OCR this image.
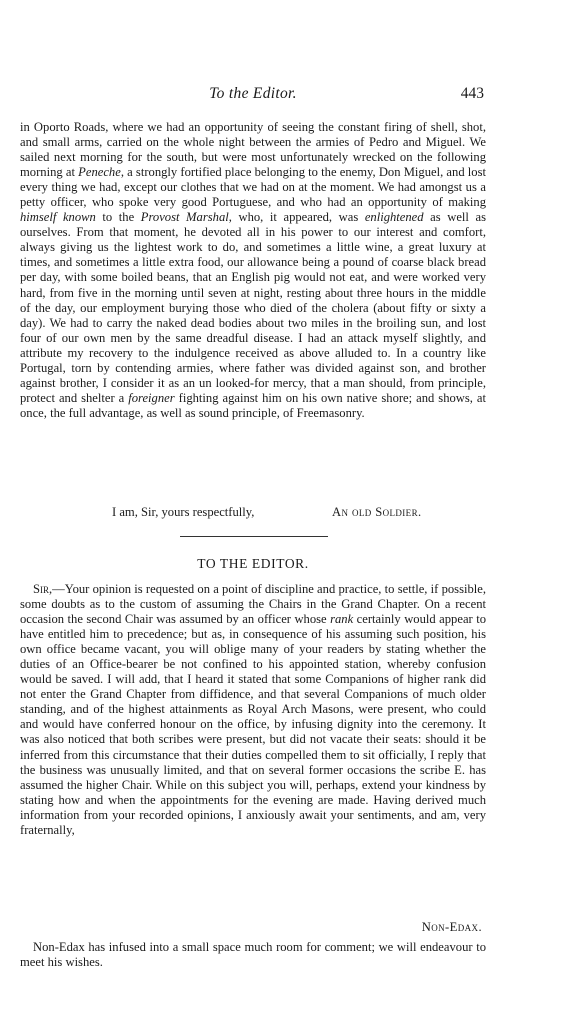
To the Editor.	443

in Oporto Roads, where we had an opportunity of seeing the constant firing of shell, shot, and small arms, carried on the whole night between the armies of Pedro and Miguel. We sailed next morning for the south, but were most unfortunately wrecked on the following morning at Peneche, a strongly fortified place belonging to the enemy, Don Miguel, and lost every thing we had, except our clothes that we had on at the moment. We had amongst us a petty officer, who spoke very good Portuguese, and who had an opportunity of making himself known to the Provost Marshal, who, it appeared, was enlightened as well as ourselves. From that moment, he devoted all in his power to our interest and comfort, always giving us the lightest work to do, and sometimes a little wine, a great luxury at times, and sometimes a little extra food, our allowance being a pound of coarse black bread per day, with some boiled beans, that an English pig would not eat, and were worked very hard, from five in the morning until seven at night, resting about three hours in the middle of the day, our employment burying those who died of the cholera (about fifty or sixty a day). We had to carry the naked dead bodies about two miles in the broiling sun, and lost four of our own men by the same dreadful disease. I had an attack myself slightly, and attribute my recovery to the indulgence received as above alluded to. In a country like Portugal, torn by contending armies, where father was divided against son, and brother against brother, I consider it as an un looked-for mercy, that a man should, from principle, protect and shelter a foreigner fighting against him on his own native shore; and shows, at once, the full advantage, as well as sound principle, of Freemasonry.

I am, Sir, yours respectfully,	An old Soldier.
TO THE EDITOR.

Sir,—Your opinion is requested on a point of discipline and practice, to settle, if possible, some doubts as to the custom of assuming the Chairs in the Grand Chapter. On a recent occasion the second Chair was assumed by an officer whose rank certainly would appear to have entitled him to precedence; but as, in consequence of his assuming such position, his own office became vacant, you will oblige many of your readers by stating whether the duties of an Office-bearer be not confined to his appointed station, whereby confusion would be saved. I will add, that I heard it stated that some Companions of higher rank did not enter the Grand Chapter from diffidence, and that several Companions of much older standing, and of the highest attainments as Royal Arch Masons, were present, who could and would have conferred honour on the office, by infusing dignity into the ceremony. It was also noticed that both scribes were present, but did not vacate their seats: should it be inferred from this circumstance that their duties compelled them to sit officially, I reply that the business was unusually limited, and that on several former occasions the scribe E. has assumed the higher Chair. While on this subject you will, perhaps, extend your kindness by stating how and when the appointments for the evening are made. Having derived much information from your recorded opinions, I anxiously await your sentiments, and am, very fraternally,

Non-Edax.

Non-Edax has infused into a small space much room for comment; we will endeavour to meet his wishes.
